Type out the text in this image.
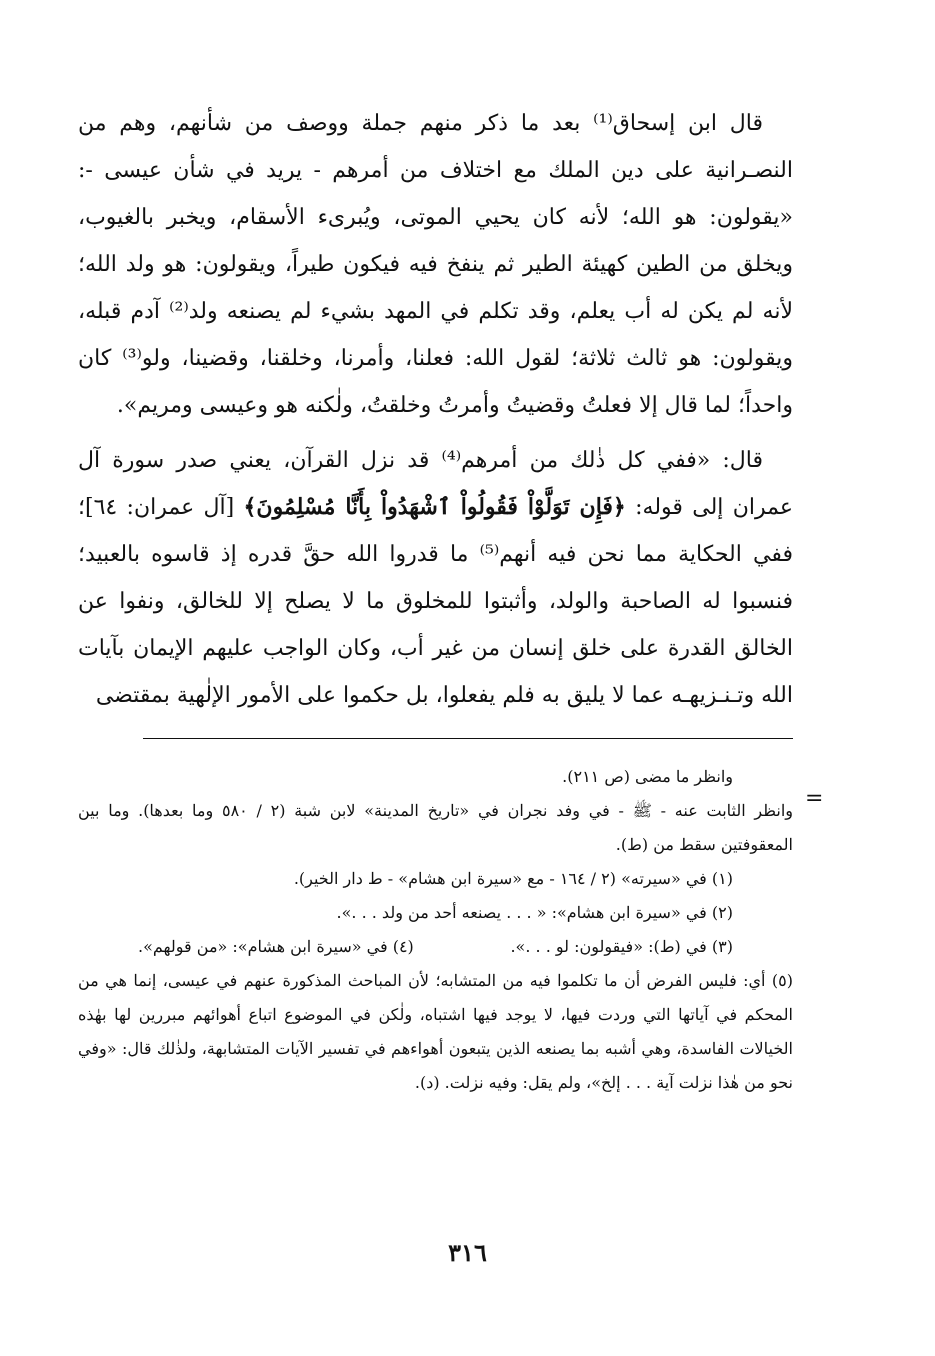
قال ابن إسحاق⁽¹⁾ بعد ما ذكر منهم جملة ووصف من شأنهم، وهم من النصـرانية على دين الملك مع اختلاف من أمرهم - يريد في شأن عيسى -: «يقولون: هو الله؛ لأنه كان يحيي الموتى، ويُبرىء الأسقام، ويخبر بالغيوب، ويخلق من الطين كهيئة الطير ثم ينفخ فيه فيكون طيراً، ويقولون: هو ولد الله؛ لأنه لم يكن له أب يعلم، وقد تكلم في المهد بشيء لم يصنعه ولد⁽²⁾ آدم قبله، ويقولون: هو ثالث ثلاثة؛ لقول الله: فعلنا، وأمرنا، وخلقنا، وقضينا، ولو⁽³⁾ كان واحداً؛ لما قال إلا فعلتُ وقضيتُ وأمرتُ وخلقتُ، ولٰكنه هو وعيسى ومريم».

قال: «ففي كل ذٰلك من أمرهم⁽⁴⁾ قد نزل القرآن، يعني صدر سورة آل عمران إلى قوله: ﴿فَإِن تَوَلَّوْاْ فَقُولُواْ ٱشْهَدُواْ بِأَنَّا مُسْلِمُونَ﴾ [آل عمران: ٦٤]؛ ففي الحكاية مما نحن فيه أنهم⁽⁵⁾ ما قدروا الله حقَّ قدره إذ قاسوه بالعبيد؛ فنسبوا له الصاحبة والولد، وأثبتوا للمخلوق ما لا يصلح إلا للخالق، ونفوا عن الخالق القدرة على خلق إنسان من غير أب، وكان الواجب عليهم الإيمان بآيات الله وتـنـزيهـه عما لا يليق به فلم يفعلوا، بل حكموا على الأمور الإلٰهية بمقتضى

=

وانظر ما مضى (ص ٢١١).

وانظر الثابت عنه - ﷺ - في وفد نجران في «تاريخ المدينة» لابن شبة (٢ / ٥٨٠ وما بعدها). وما بين المعقوفتين سقط من (ط).

(١) في «سيرته» (٢ / ١٦٤ - مع «سيرة ابن هشام» - ط دار الخير).

(٢) في «سيرة ابن هشام»: « . . . يصنعه أحد من ولد . . .».

(٣) في (ط): «فيقولون: لو . . .».
(٤) في «سيرة ابن هشام»: «من قولهم».

(٥) أي: فليس الفرض أن ما تكلموا فيه من المتشابه؛ لأن المباحث المذكورة عنهم في عيسى، إنما هي من المحكم في آياتها التي وردت فيها، لا يوجد فيها اشتباه، ولٰكن في الموضوع اتباع أهوائهم مبررين لها بهٰذه الخيالات الفاسدة، وهي أشبه بما يصنعه الذين يتبعون أهواءهم في تفسير الآيات المتشابهة، ولذٰلك قال: «وفي نحو من هٰذا نزلت آية . . . إلخ»، ولم يقل: وفيه نزلت. (د).

٣١٦
